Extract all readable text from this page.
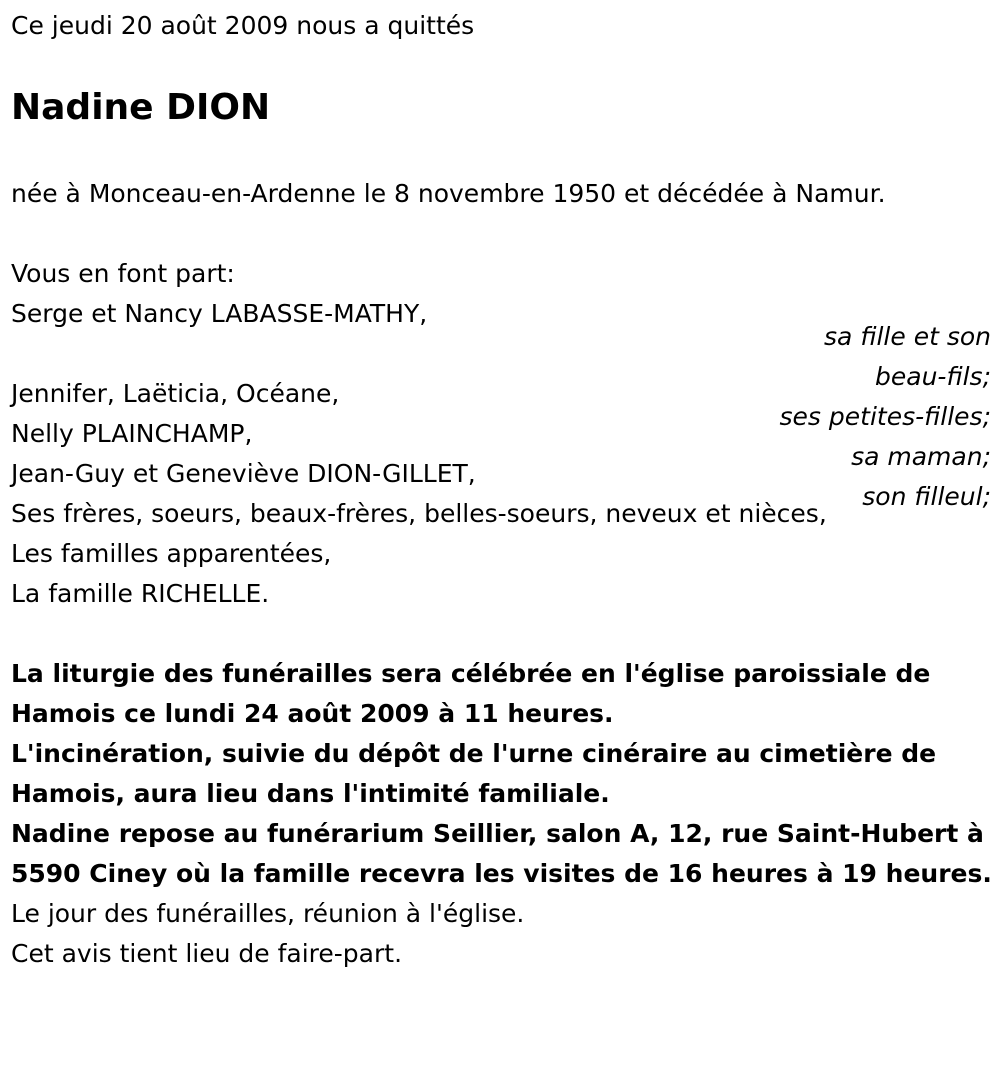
Ce jeudi 20 août 2009 nous a quittés
Nadine DION
née à Monceau-en-Ardenne le 8 novembre 1950 et décédée à Namur.
Vous en font part:
Serge et Nancy LABASSE-MATHY,
sa fille et son
beau-fils;
Jennifer, Laëticia, Océane,
ses petites-filles;
Nelly PLAINCHAMP,
sa maman;
Jean-Guy et Geneviève DION-GILLET,
son filleul;
Ses frères, soeurs, beaux-frères, belles-soeurs, neveux et nièces,
Les familles apparentées,
La famille RICHELLE.
La liturgie des funérailles sera célébrée en l'église paroissiale de
Hamois ce lundi 24 août 2009 à 11 heures.
L'incinération, suivie du dépôt de l'urne cinéraire au cimetière de
Hamois, aura lieu dans l'intimité familiale.
Nadine repose au funérarium Seillier, salon A, 12, rue Saint-Hubert à
5590 Ciney où la famille recevra les visites de 16 heures à 19 heures.
Le jour des funérailles, réunion à l'église.
Cet avis tient lieu de faire-part.
